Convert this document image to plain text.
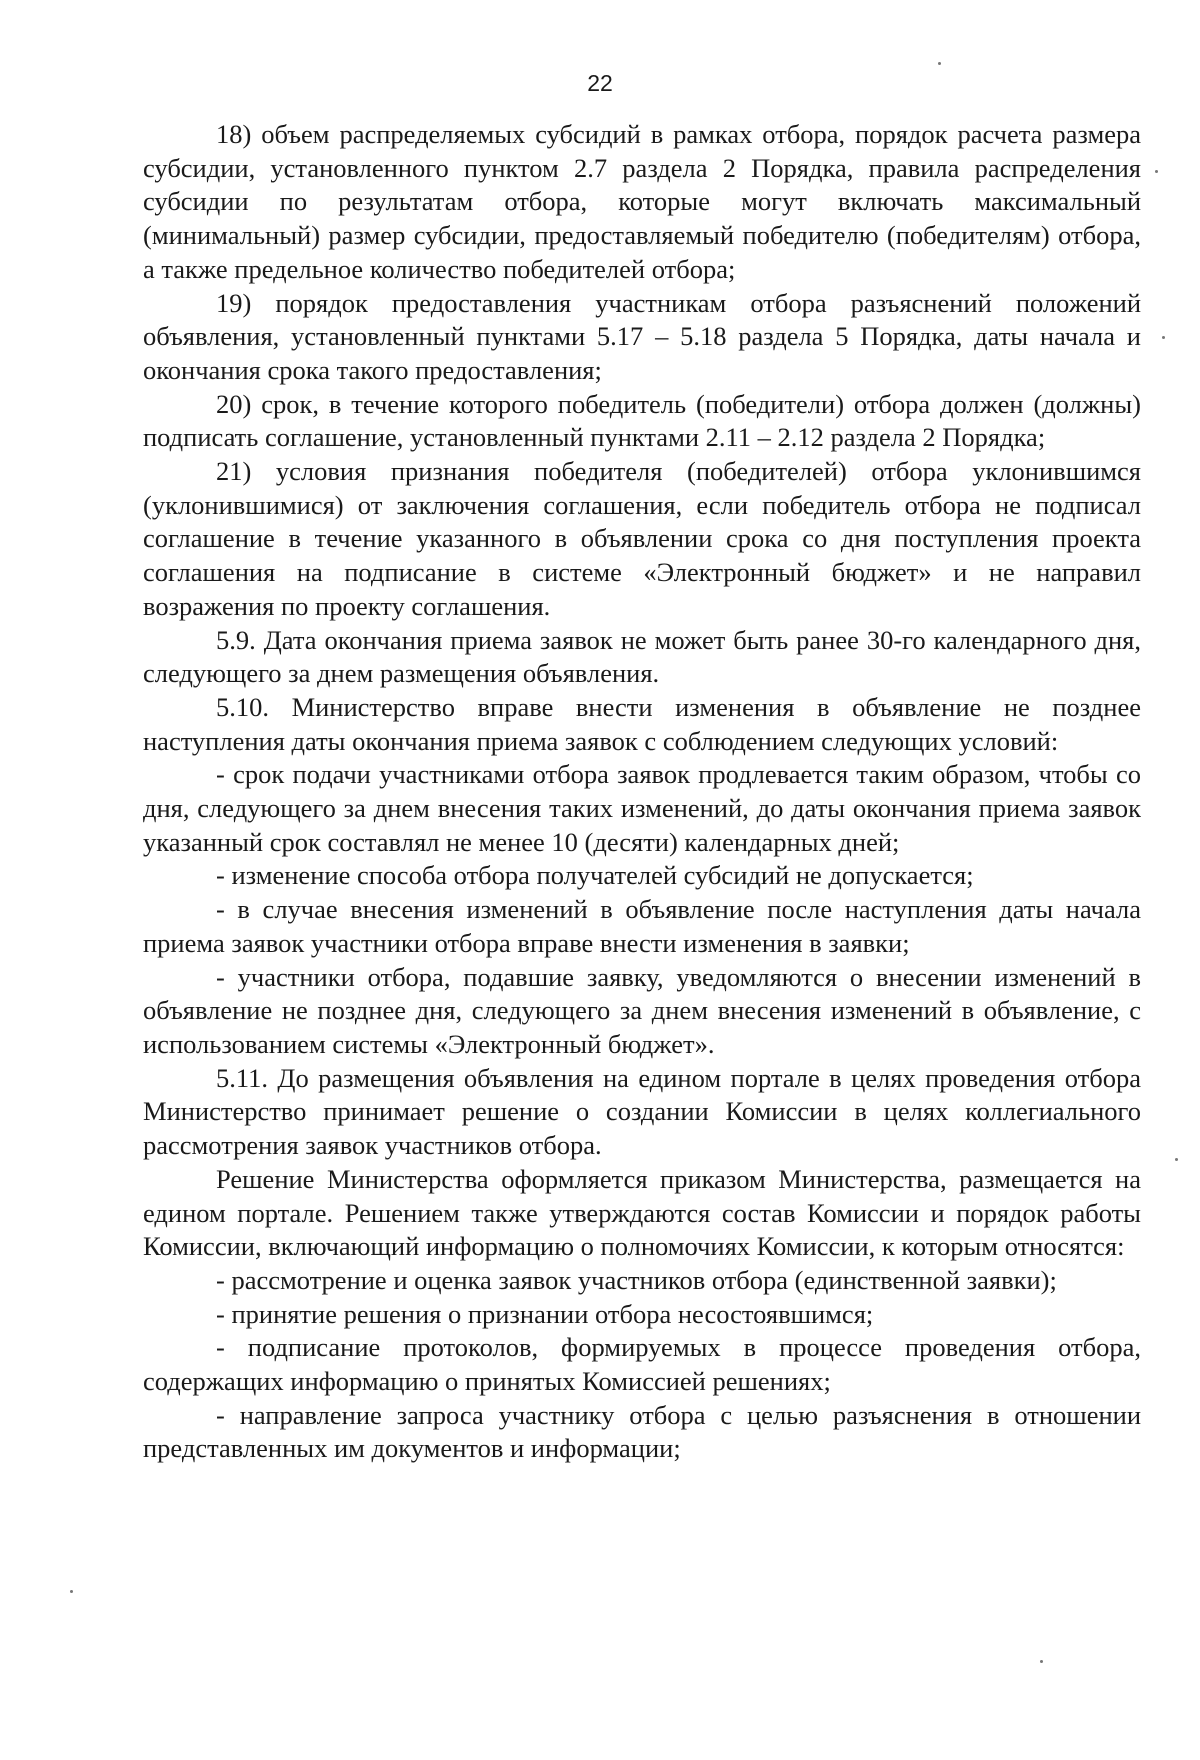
22

18) объем распределяемых субсидий в рамках отбора, порядок расчета размера субсидии, установленного пунктом 2.7 раздела 2 Порядка, правила распределения субсидии по результатам отбора, которые могут включать максимальный (минимальный) размер субсидии, предоставляемый победителю (победителям) отбора, а также предельное количество победителей отбора;

19) порядок предоставления участникам отбора разъяснений положений объявления, установленный пунктами 5.17 – 5.18 раздела 5 Порядка, даты начала и окончания срока такого предоставления;

20) срок, в течение которого победитель (победители) отбора должен (должны) подписать соглашение, установленный пунктами 2.11 – 2.12 раздела 2 Порядка;

21) условия признания победителя (победителей) отбора уклонившимся (уклонившимися) от заключения соглашения, если победитель отбора не подписал соглашение в течение указанного в объявлении срока со дня поступления проекта соглашения на подписание в системе «Электронный бюджет» и не направил возражения по проекту соглашения.

5.9. Дата окончания приема заявок не может быть ранее 30-го календарного дня, следующего за днем размещения объявления.

5.10. Министерство вправе внести изменения в объявление не позднее наступления даты окончания приема заявок с соблюдением следующих условий:

- срок подачи участниками отбора заявок продлевается таким образом, чтобы со дня, следующего за днем внесения таких изменений, до даты окончания приема заявок указанный срок составлял не менее 10 (десяти) календарных дней;

- изменение способа отбора получателей субсидий не допускается;

- в случае внесения изменений в объявление после наступления даты начала приема заявок участники отбора вправе внести изменения в заявки;

- участники отбора, подавшие заявку, уведомляются о внесении изменений в объявление не позднее дня, следующего за днем внесения изменений в объявление, с использованием системы «Электронный бюджет».

5.11. До размещения объявления на едином портале в целях проведения отбора Министерство принимает решение о создании Комиссии в целях коллегиального рассмотрения заявок участников отбора.

Решение Министерства оформляется приказом Министерства, размещается на едином портале. Решением также утверждаются состав Комиссии и порядок работы Комиссии, включающий информацию о полномочиях Комиссии, к которым относятся:

- рассмотрение и оценка заявок участников отбора (единственной заявки);

- принятие решения о признании отбора несостоявшимся;

- подписание протоколов, формируемых в процессе проведения отбора, содержащих информацию о принятых Комиссией решениях;

- направление запроса участнику отбора с целью разъяснения в отношении представленных им документов и информации;
